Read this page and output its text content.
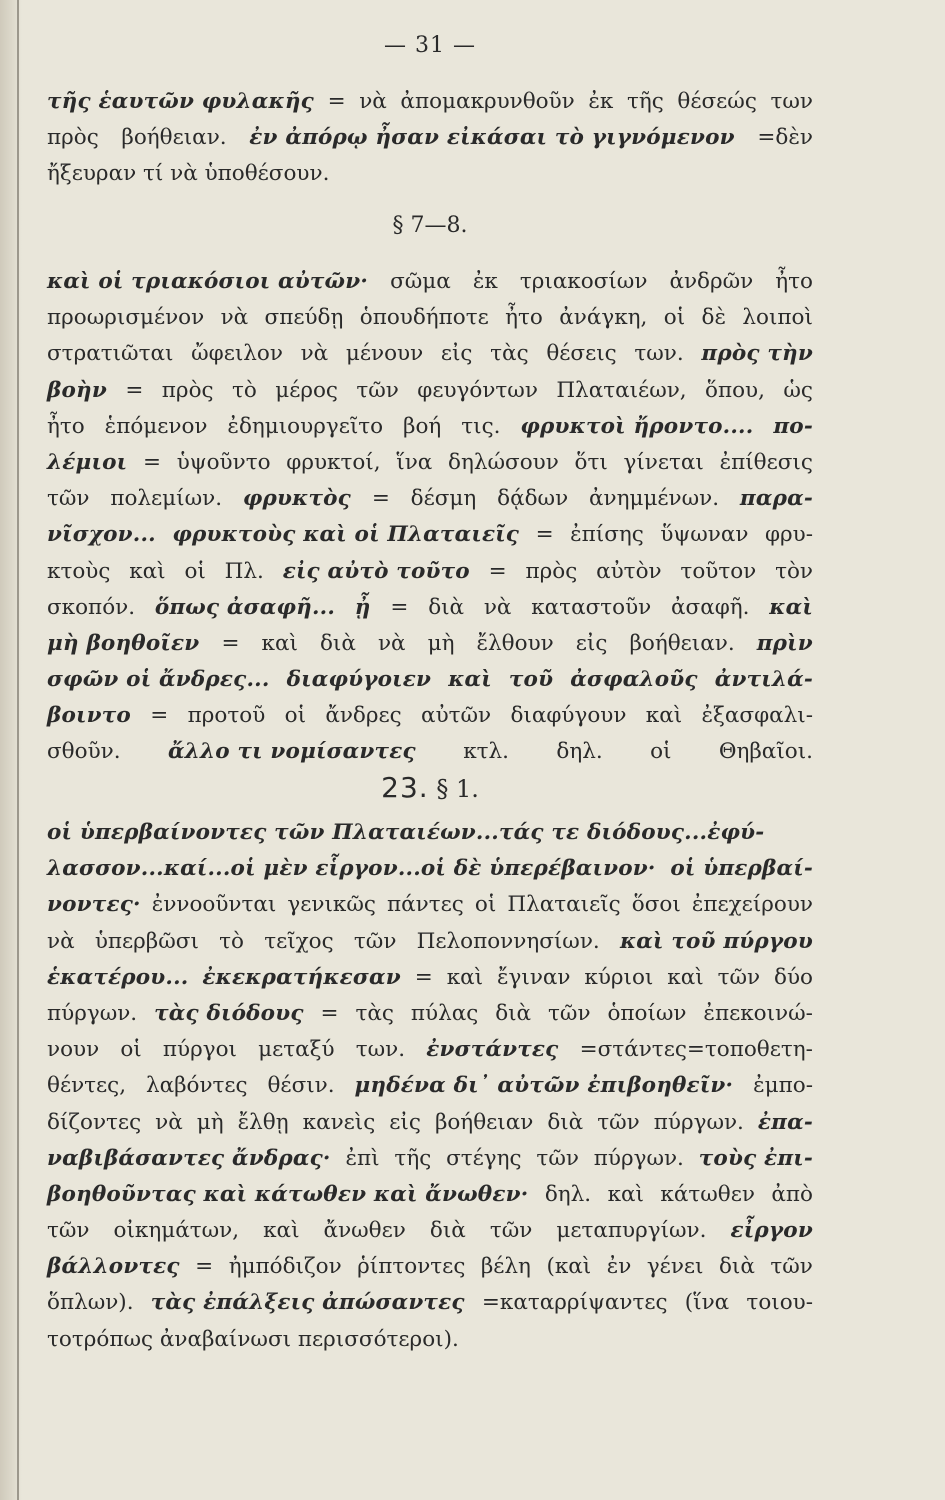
— 31 —
τῆς ἑαυτῶν φυλακῆς = νὰ ἀπομακρυνθοῦν ἐκ τῆς θέσεώς των
πρὸς βοήθειαν. ἐν ἀπόρῳ ἦσαν εἰκάσαι τὸ γιγνόμενον =δὲν
ἤξευραν τί νὰ ὑποθέσουν.
§ 7—8.
καὶ οἱ τριακόσιοι αὐτῶν· σῶμα ἐκ τριακοσίων ἀνδρῶν ἦτο
προωρισμένον νὰ σπεύδῃ ὁπουδήποτε ἦτο ἀνάγκη, οἱ δὲ λοιποὶ
στρατιῶται ὤφειλον νὰ μένουν εἰς τὰς θέσεις των. πρὸς τὴν
βοὴν = πρὸς τὸ μέρος τῶν φευγόντων Πλαταιέων, ὅπου, ὡς
ἦτο ἑπόμενον ἐδημιουργεῖτο βοή τις. φρυκτοὶ ἤροντο.... πο-
λέμιοι = ὑψοῦντο φρυκτοί, ἵνα δηλώσουν ὅτι γίνεται ἐπίθεσις
τῶν πολεμίων. φρυκτὸς = δέσμη δᾴδων ἀνημμένων. παρα-
νῖσχον... φρυκτοὺς καὶ οἱ Πλαταιεῖς = ἐπίσης ὕψωναν φρυ-
κτοὺς καὶ οἱ Πλ. εἰς αὐτὸ τοῦτο = πρὸς αὐτὸν τοῦτον τὸν
σκοπόν. ὅπως ἀσαφῆ... ᾖ = διὰ νὰ καταστοῦν ἀσαφῆ. καὶ
μὴ βοηθοῖεν = καὶ διὰ νὰ μὴ ἔλθουν εἰς βοήθειαν. πρὶν
σφῶν οἱ ἄνδρες... διαφύγοιεν καὶ τοῦ ἀσφαλοῦς ἀντιλά-
βοιντο = προτοῦ οἱ ἄνδρες αὐτῶν διαφύγουν καὶ ἐξασφαλι-
σθοῦν. ἄλλο τι νομίσαντες κτλ. δηλ. οἱ Θηβαῖοι.
23. § 1.
οἱ ὑπερβαίνοντες τῶν Πλαταιέων...τάς τε διόδους...ἐφύ-
λασσον...καί...οἱ μὲν εἷργον...οἱ δὲ ὑπερέβαινον· οἱ ὑπερβαί-
νοντες· ἐννοοῦνται γενικῶς πάντες οἱ Πλαταιεῖς ὅσοι ἐπεχείρουν
νὰ ὑπερβῶσι τὸ τεῖχος τῶν Πελοποννησίων. καὶ τοῦ πύργου
ἑκατέρου... ἐκεκρατήκεσαν = καὶ ἔγιναν κύριοι καὶ τῶν δύο
πύργων. τὰς διόδους = τὰς πύλας διὰ τῶν ὁποίων ἐπεκοινώ-
νουν οἱ πύργοι μεταξύ των. ἐνστάντες =στάντες=τοποθετη-
θέντες, λαβόντες θέσιν. μηδένα δι᾽ αὐτῶν ἐπιβοηθεῖν· ἐμπο-
δίζοντες νὰ μὴ ἔλθῃ κανεὶς εἰς βοήθειαν διὰ τῶν πύργων. ἐπα-
ναβιβάσαντες ἄνδρας· ἐπὶ τῆς στέγης τῶν πύργων. τοὺς ἐπι-
βοηθοῦντας καὶ κάτωθεν καὶ ἄνωθεν· δηλ. καὶ κάτωθεν ἀπὸ
τῶν οἰκημάτων, καὶ ἄνωθεν διὰ τῶν μεταπυργίων. εἶργον
βάλλοντες = ἠμπόδιζον ῥίπτοντες βέλη (καὶ ἐν γένει διὰ τῶν
ὅπλων). τὰς ἐπάλξεις ἀπώσαντες =καταρρίψαντες (ἵνα τοιου-
τοτρόπως ἀναβαίνωσι περισσότεροι).
